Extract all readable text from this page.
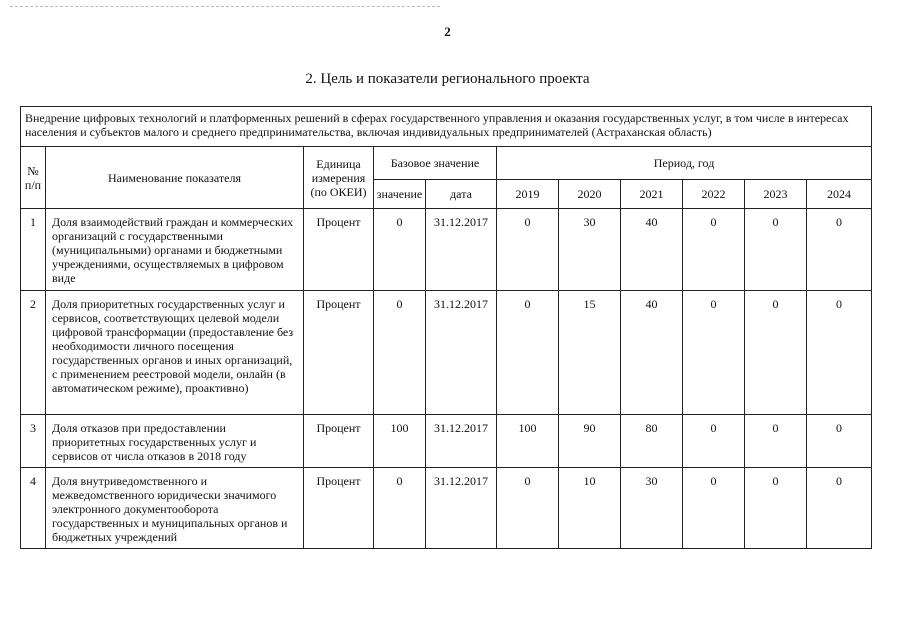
2
2. Цель и показатели регионального проекта
Внедрение цифровых технологий и платформенных решений в сферах государственного управления и оказания государственных услуг, в том числе в интересах населения и субъектов малого и среднего предпринимательства, включая индивидуальных предпринимателей (Астраханская область)										
№ п/п	Наименование показателя	Единица измерения (по ОКЕИ)	Базовое значение		Период, год					
			значение	дата	2019	2020	2021	2022	2023	2024
1	Доля взаимодействий граждан и коммерческих организаций с государственными (муниципальными) органами и бюджетными учреждениями, осуществляемых в цифровом виде	Процент	0	31.12.2017	0	30	40	0	0	0
2	Доля приоритетных государственных услуг и сервисов, соответствующих целевой модели цифровой трансформации (предоставление без необходимости личного посещения государственных органов и иных организаций, с применением реестровой модели, онлайн (в автоматическом режиме), проактивно)	Процент	0	31.12.2017	0	15	40	0	0	0
3	Доля отказов при предоставлении приоритетных государственных услуг и сервисов от числа отказов в 2018 году	Процент	100	31.12.2017	100	90	80	0	0	0
4	Доля внутриведомственного и межведомственного юридически значимого электронного документооборота государственных и муниципальных органов и бюджетных учреждений	Процент	0	31.12.2017	0	10	30	0	0	0
